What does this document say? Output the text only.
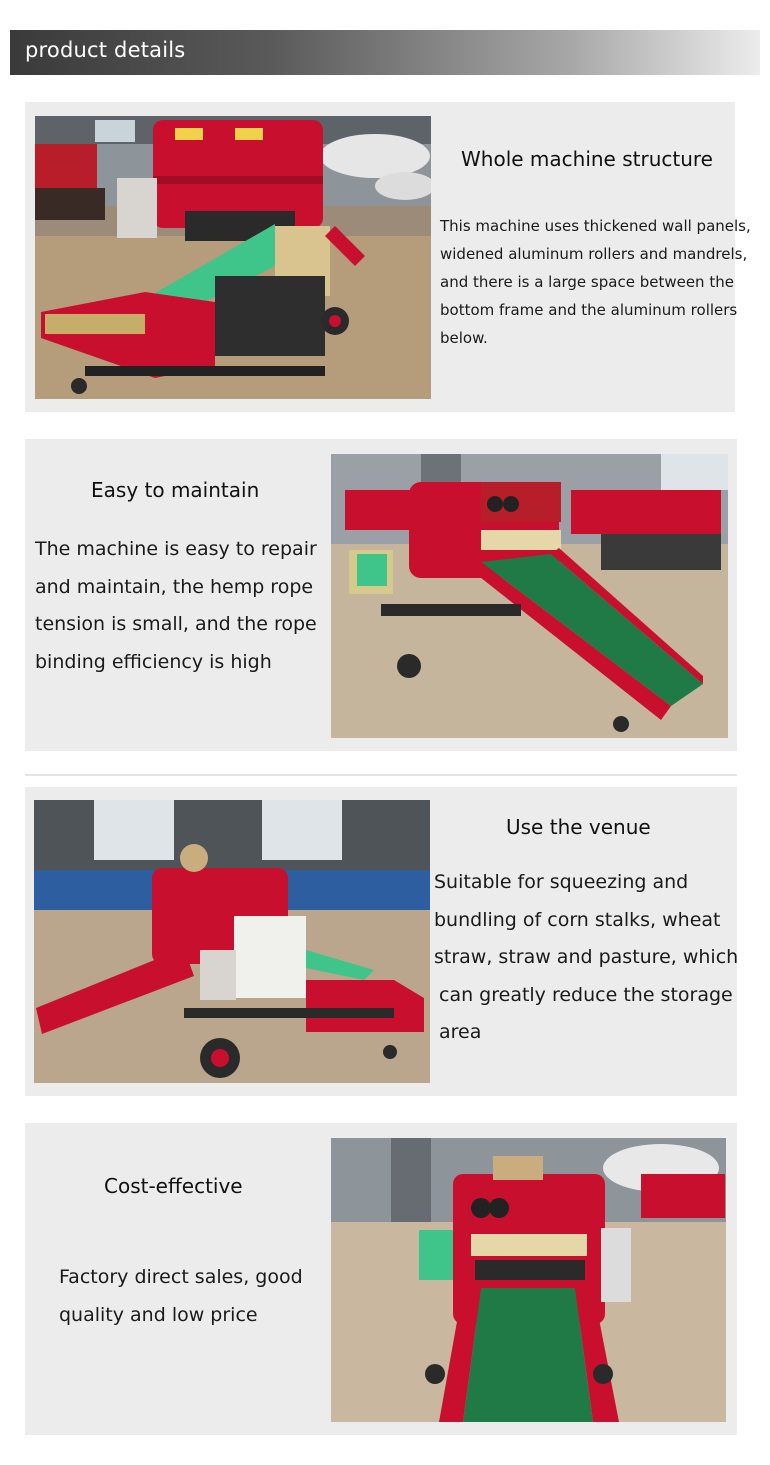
product details
Whole machine structure
This machine uses thickened wall panels,
widened aluminum rollers and mandrels,
and there is a large space between the
bottom frame and the aluminum rollers
below.
Easy to maintain
The machine is easy to repair
and maintain, the hemp rope
tension is small, and the rope
binding efficiency is high
Use the venue
Suitable for squeezing and
bundling of corn stalks, wheat
straw, straw and pasture, which
can greatly reduce the storage
area
Cost-effective
Factory direct sales, good
quality and low price
